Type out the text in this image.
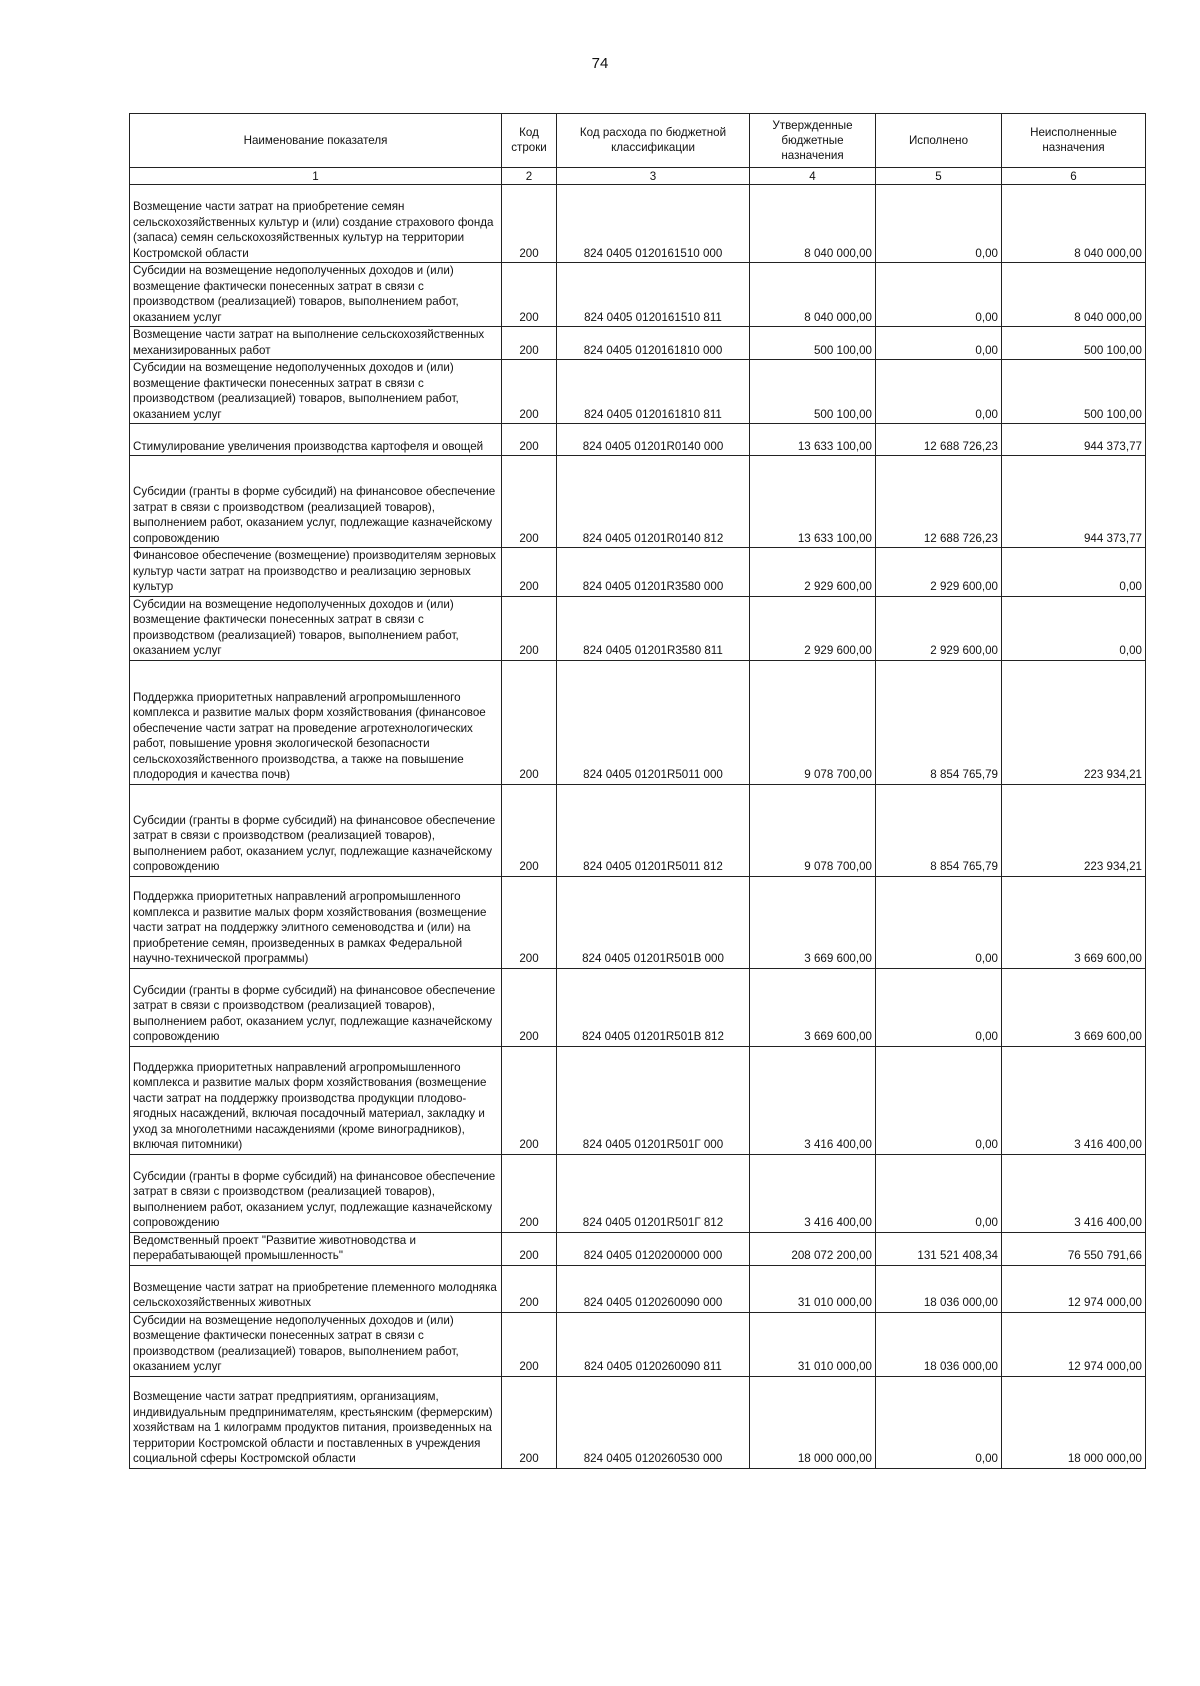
74
Наименование показателя	Код строки	Код расхода по бюджетной классификации	Утвержденные бюджетные назначения	Исполнено	Неисполненные назначения
1	2	3	4	5	6
Возмещение части затрат на приобретение семян сельскохозяйственных культур и (или) создание страхового фонда (запаса) семян сельскохозяйственных культур на территории Костромской области	200	824 0405 0120161510 000	8 040 000,00	0,00	8 040 000,00
Субсидии на возмещение недополученных доходов и (или) возмещение фактически понесенных затрат в связи с производством (реализацией) товаров, выполнением работ, оказанием услуг	200	824 0405 0120161510 811	8 040 000,00	0,00	8 040 000,00
Возмещение части затрат на выполнение сельскохозяйственных механизированных работ	200	824 0405 0120161810 000	500 100,00	0,00	500 100,00
Субсидии на возмещение недополученных доходов и (или) возмещение фактически понесенных затрат в связи с производством (реализацией) товаров, выполнением работ, оказанием услуг	200	824 0405 0120161810 811	500 100,00	0,00	500 100,00
Стимулирование увеличения производства картофеля и овощей	200	824 0405 01201R0140 000	13 633 100,00	12 688 726,23	944 373,77
Субсидии (гранты в форме субсидий) на финансовое обеспечение затрат в связи с производством (реализацией товаров), выполнением работ, оказанием услуг, подлежащие казначейскому сопровождению	200	824 0405 01201R0140 812	13 633 100,00	12 688 726,23	944 373,77
Финансовое обеспечение (возмещение) производителям зерновых культур части затрат на производство и реализацию зерновых культур	200	824 0405 01201R3580 000	2 929 600,00	2 929 600,00	0,00
Субсидии на возмещение недополученных доходов и (или) возмещение фактически понесенных затрат в связи с производством (реализацией) товаров, выполнением работ, оказанием услуг	200	824 0405 01201R3580 811	2 929 600,00	2 929 600,00	0,00
Поддержка приоритетных направлений агропромышленного комплекса и развитие малых форм хозяйствования (финансовое обеспечение части затрат на проведение агротехнологических работ, повышение уровня экологической безопасности сельскохозяйственного производства, а также на повышение плодородия и качества почв)	200	824 0405 01201R5011 000	9 078 700,00	8 854 765,79	223 934,21
Субсидии (гранты в форме субсидий) на финансовое обеспечение затрат в связи с производством (реализацией товаров), выполнением работ, оказанием услуг, подлежащие казначейскому сопровождению	200	824 0405 01201R5011 812	9 078 700,00	8 854 765,79	223 934,21
Поддержка приоритетных направлений агропромышленного комплекса и развитие малых форм хозяйствования (возмещение части затрат на поддержку элитного семеноводства и (или) на приобретение семян, произведенных в рамках Федеральной научно-технической программы)	200	824 0405 01201R501B 000	3 669 600,00	0,00	3 669 600,00
Субсидии (гранты в форме субсидий) на финансовое обеспечение затрат в связи с производством (реализацией товаров), выполнением работ, оказанием услуг, подлежащие казначейскому сопровождению	200	824 0405 01201R501B 812	3 669 600,00	0,00	3 669 600,00
Поддержка приоритетных направлений агропромышленного комплекса и развитие малых форм хозяйствования (возмещение части затрат на поддержку производства продукции плодово-ягодных насаждений, включая посадочный материал, закладку и уход за многолетними насаждениями (кроме виноградников), включая питомники)	200	824 0405 01201R501Г 000	3 416 400,00	0,00	3 416 400,00
Субсидии (гранты в форме субсидий) на финансовое обеспечение затрат в связи с производством (реализацией товаров), выполнением работ, оказанием услуг, подлежащие казначейскому сопровождению	200	824 0405 01201R501Г 812	3 416 400,00	0,00	3 416 400,00
Ведомственный проект "Развитие животноводства и перерабатывающей промышленность"	200	824 0405 0120200000 000	208 072 200,00	131 521 408,34	76 550 791,66
Возмещение части затрат на приобретение племенного молодняка сельскохозяйственных животных	200	824 0405 0120260090 000	31 010 000,00	18 036 000,00	12 974 000,00
Субсидии на возмещение недополученных доходов и (или) возмещение фактически понесенных затрат в связи с производством (реализацией) товаров, выполнением работ, оказанием услуг	200	824 0405 0120260090 811	31 010 000,00	18 036 000,00	12 974 000,00
Возмещение части затрат предприятиям, организациям, индивидуальным предпринимателям, крестьянским (фермерским) хозяйствам на 1 килограмм продуктов питания, произведенных на территории Костромской области и поставленных в учреждения социальной сферы Костромской области	200	824 0405 0120260530 000	18 000 000,00	0,00	18 000 000,00
